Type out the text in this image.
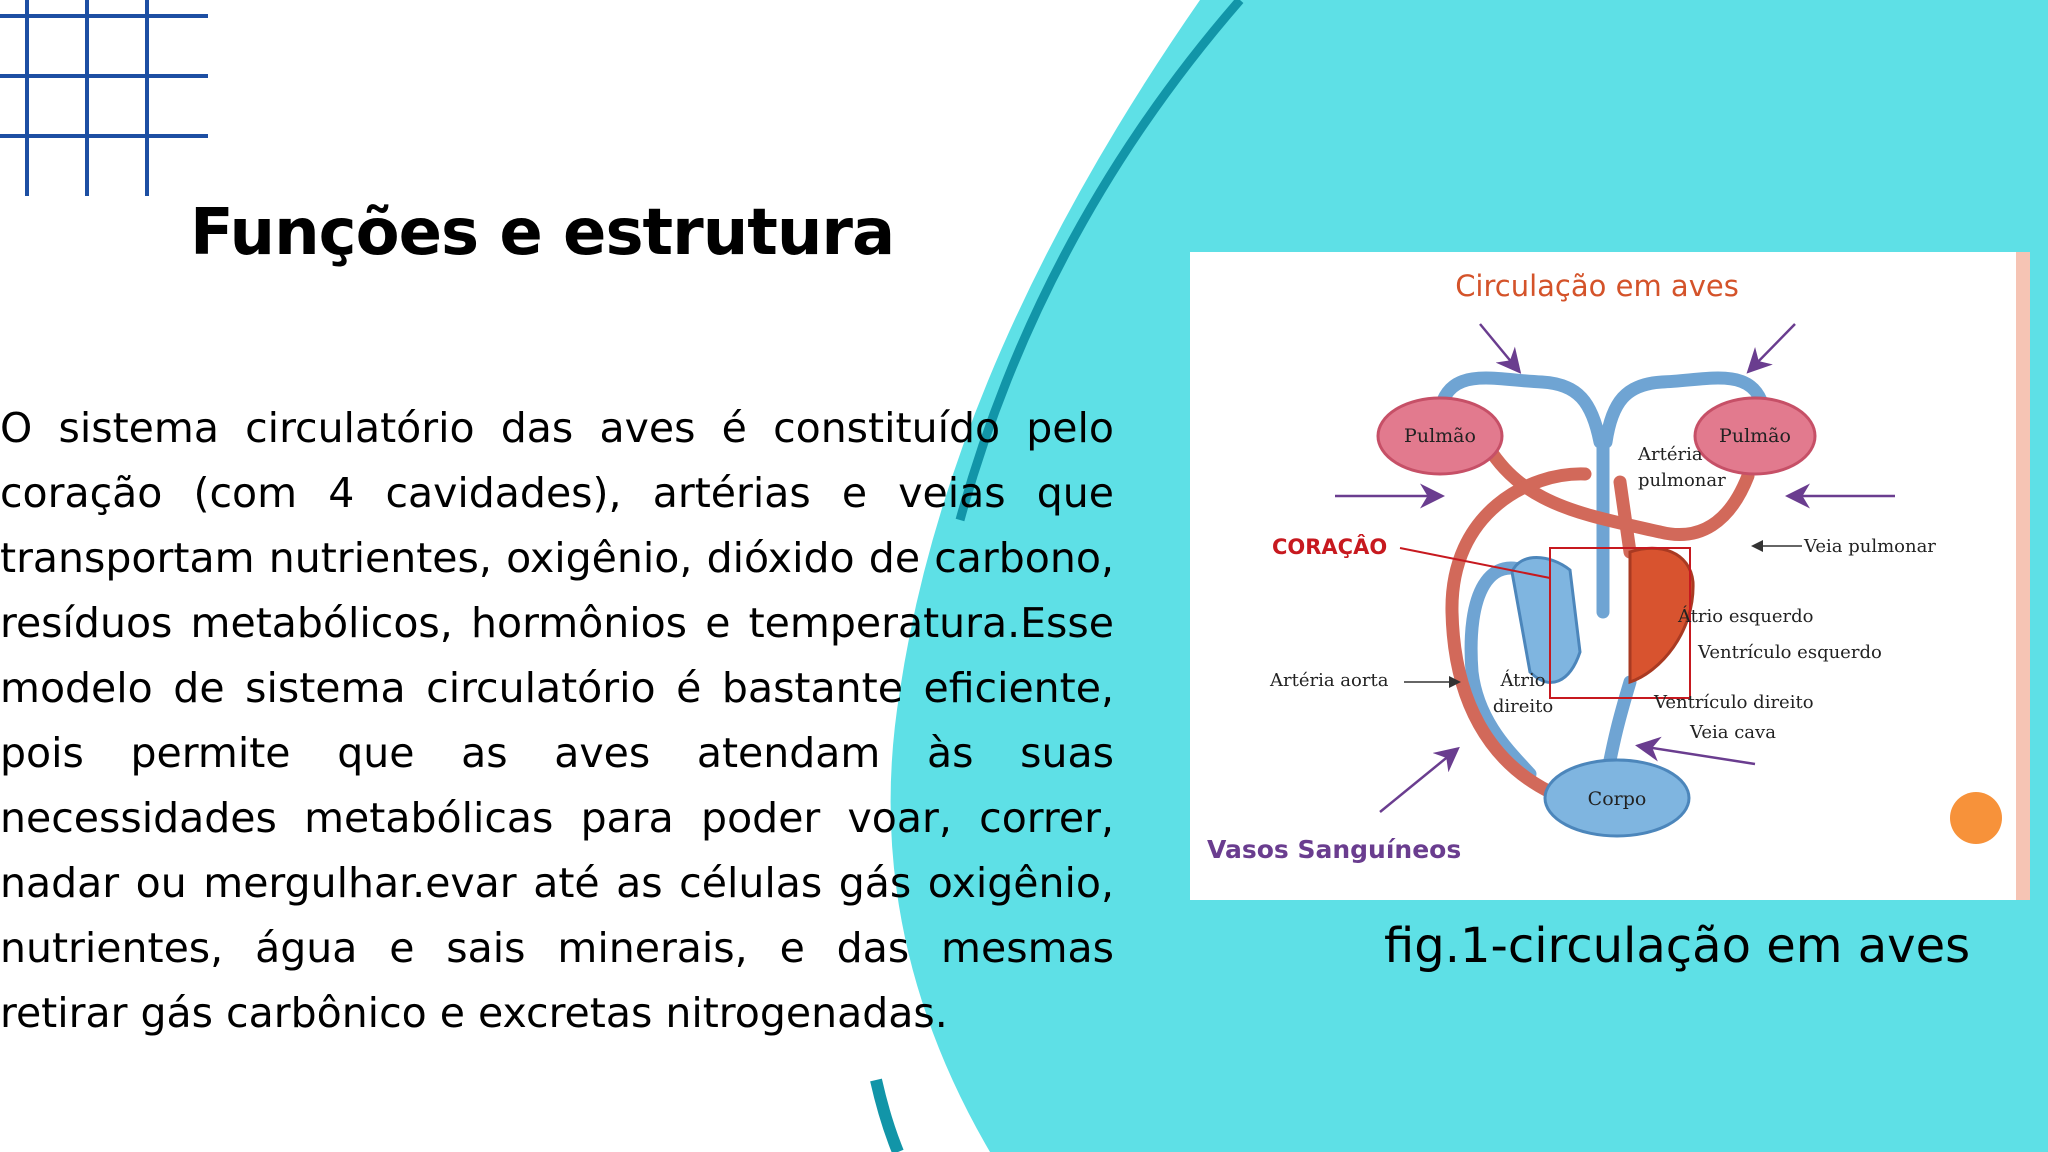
Funções e estrutura
O sistema circulatório das aves é constituído pelo coração (com 4 cavidades), artérias e veias que transportam nutrientes, oxigênio, dióxido de carbono, resíduos metabólicos, hormônios e temperatura.Esse modelo de sistema circulatório é bastante eficiente, pois permite que as aves atendam às suas necessidades metabólicas para poder voar, correr, nadar ou mergulhar.evar até as células gás oxigênio, nutrientes, água e sais minerais, e das mesmas retirar gás carbônico e excretas nitrogenadas.
Circulação em aves
Pulmão	Pulmão
Corpo
CORAÇÂO
Artéria
pulmonar
Veia pulmonar
Átrio esquerdo
Ventrículo esquerdo
Artéria aorta	Átrio
direito	Ventrículo direito
Veia cava
Vasos Sanguíneos
fig.1-circulação em aves
